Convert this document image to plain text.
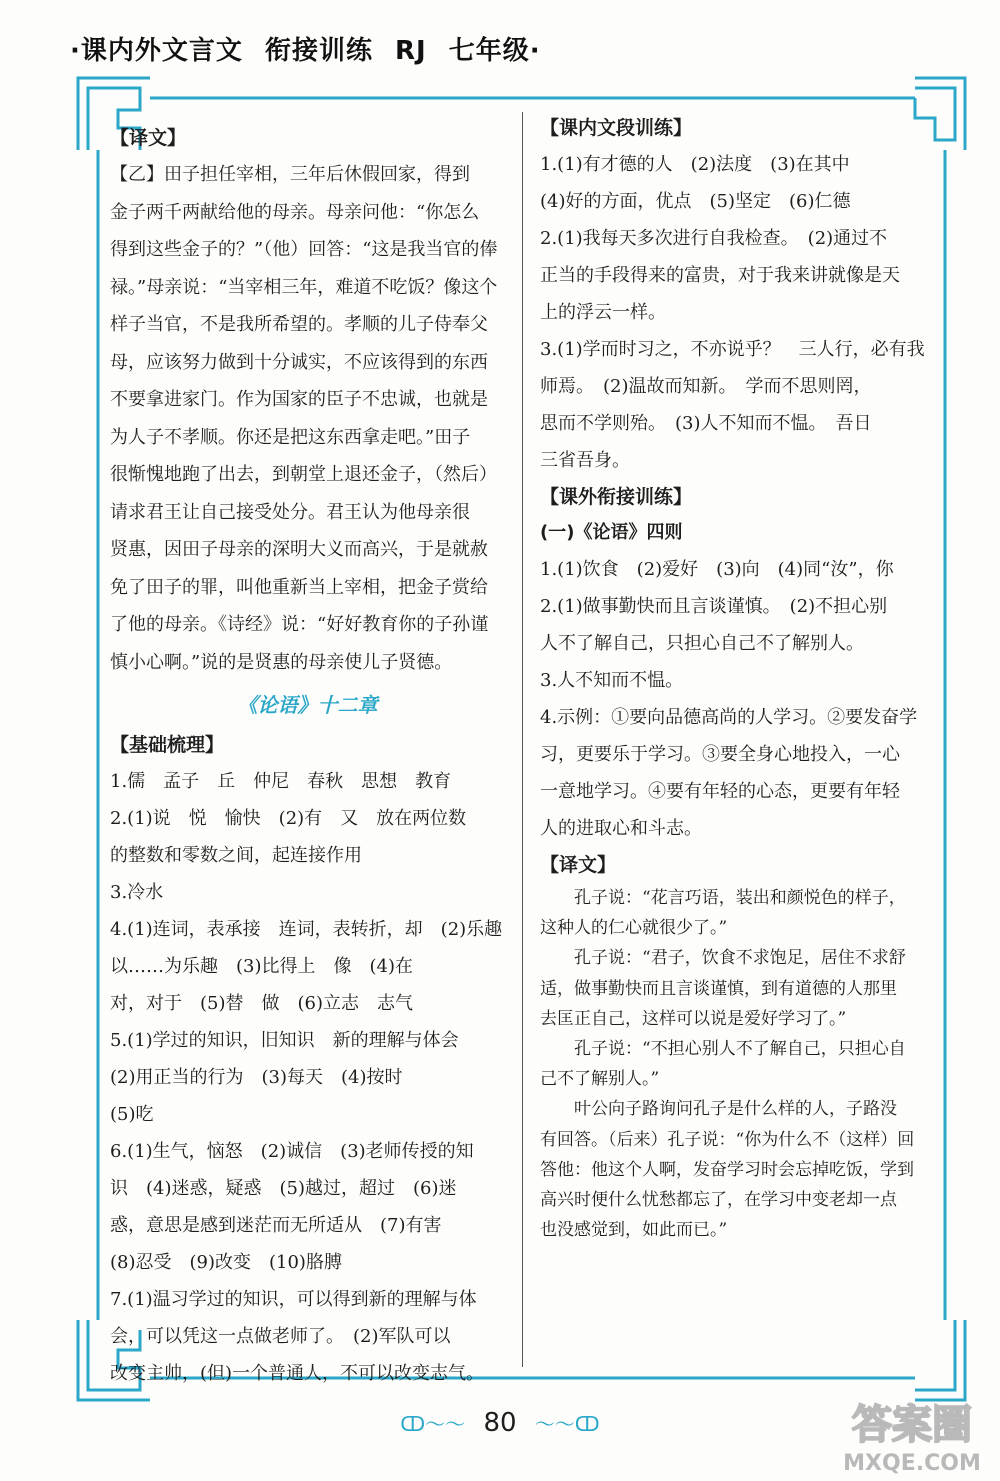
·课内外文言文 衔接训练 RJ 七年级·
【译文】
【乙】田子担任宰相，三年后休假回家，得到
金子两千两献给他的母亲。母亲问他：“你怎么
得到这些金子的？”（他）回答：“这是我当官的俸
禄。”母亲说：“当宰相三年，难道不吃饭？像这个
样子当官，不是我所希望的。孝顺的儿子侍奉父
母，应该努力做到十分诚实，不应该得到的东西
不要拿进家门。作为国家的臣子不忠诚，也就是
为人子不孝顺。你还是把这东西拿走吧。”田子
很惭愧地跑了出去，到朝堂上退还金子，（然后）
请求君王让自己接受处分。君王认为他母亲很
贤惠，因田子母亲的深明大义而高兴，于是就赦
免了田子的罪，叫他重新当上宰相，把金子赏给
了他的母亲。《诗经》说：“好好教育你的子孙谨
慎小心啊。”说的是贤惠的母亲使儿子贤德。
《论语》十二章
【基础梳理】
1.儒　孟子　丘　仲尼　春秋　思想　教育
2.(1)说　悦　愉快　(2)有　又　放在两位数
的整数和零数之间，起连接作用
3.冷水
4.(1)连词，表承接　连词，表转折，却　(2)乐趣
以……为乐趣　(3)比得上　像　(4)在
对，对于　(5)替　做　(6)立志　志气
5.(1)学过的知识，旧知识　新的理解与体会
(2)用正当的行为　(3)每天　(4)按时
(5)吃
6.(1)生气，恼怒　(2)诚信　(3)老师传授的知
识　(4)迷惑，疑惑　(5)越过，超过　(6)迷
惑，意思是感到迷茫而无所适从　(7)有害
(8)忍受　(9)改变　(10)胳膊
7.(1)温习学过的知识，可以得到新的理解与体
会，可以凭这一点做老师了。　(2)军队可以
改变主帅，(但)一个普通人，不可以改变志气。
【课内文段训练】
1.(1)有才德的人　(2)法度　(3)在其中
(4)好的方面，优点　(5)坚定　(6)仁德
2.(1)我每天多次进行自我检查。　(2)通过不
正当的手段得来的富贵，对于我来讲就像是天
上的浮云一样。
3.(1)学而时习之，不亦说乎？　三人行，必有我
师焉。　(2)温故而知新。　学而不思则罔，
思而不学则殆。　(3)人不知而不愠。　吾日
三省吾身。
【课外衔接训练】
(一)《论语》四则
1.(1)饮食　(2)爱好　(3)向　(4)同“汝”，你
2.(1)做事勤快而且言谈谨慎。　(2)不担心别
人不了解自己，只担心自己不了解别人。
3.人不知而不愠。
4.示例：①要向品德高尚的人学习。②要发奋学
习，更要乐于学习。③要全身心地投入，一心
一意地学习。④要有年轻的心态，更要有年轻
人的进取心和斗志。
【译文】
　　孔子说：“花言巧语，装出和颜悦色的样子，
这种人的仁心就很少了。”
　　孔子说：“君子，饮食不求饱足，居住不求舒
适，做事勤快而且言谈谨慎，到有道德的人那里
去匡正自己，这样可以说是爱好学习了。”
　　孔子说：“不担心别人不了解自己，只担心自
己不了解别人。”
　　叶公向子路询问孔子是什么样的人，子路没
有回答。（后来）孔子说：“你为什么不（这样）回
答他：他这个人啊，发奋学习时会忘掉吃饭，学到
高兴时便什么忧愁都忘了，在学习中变老却一点
也没感觉到，如此而已。”
ↀ～～ 80 ～～ↀ	答案圈
MXQE.COM
